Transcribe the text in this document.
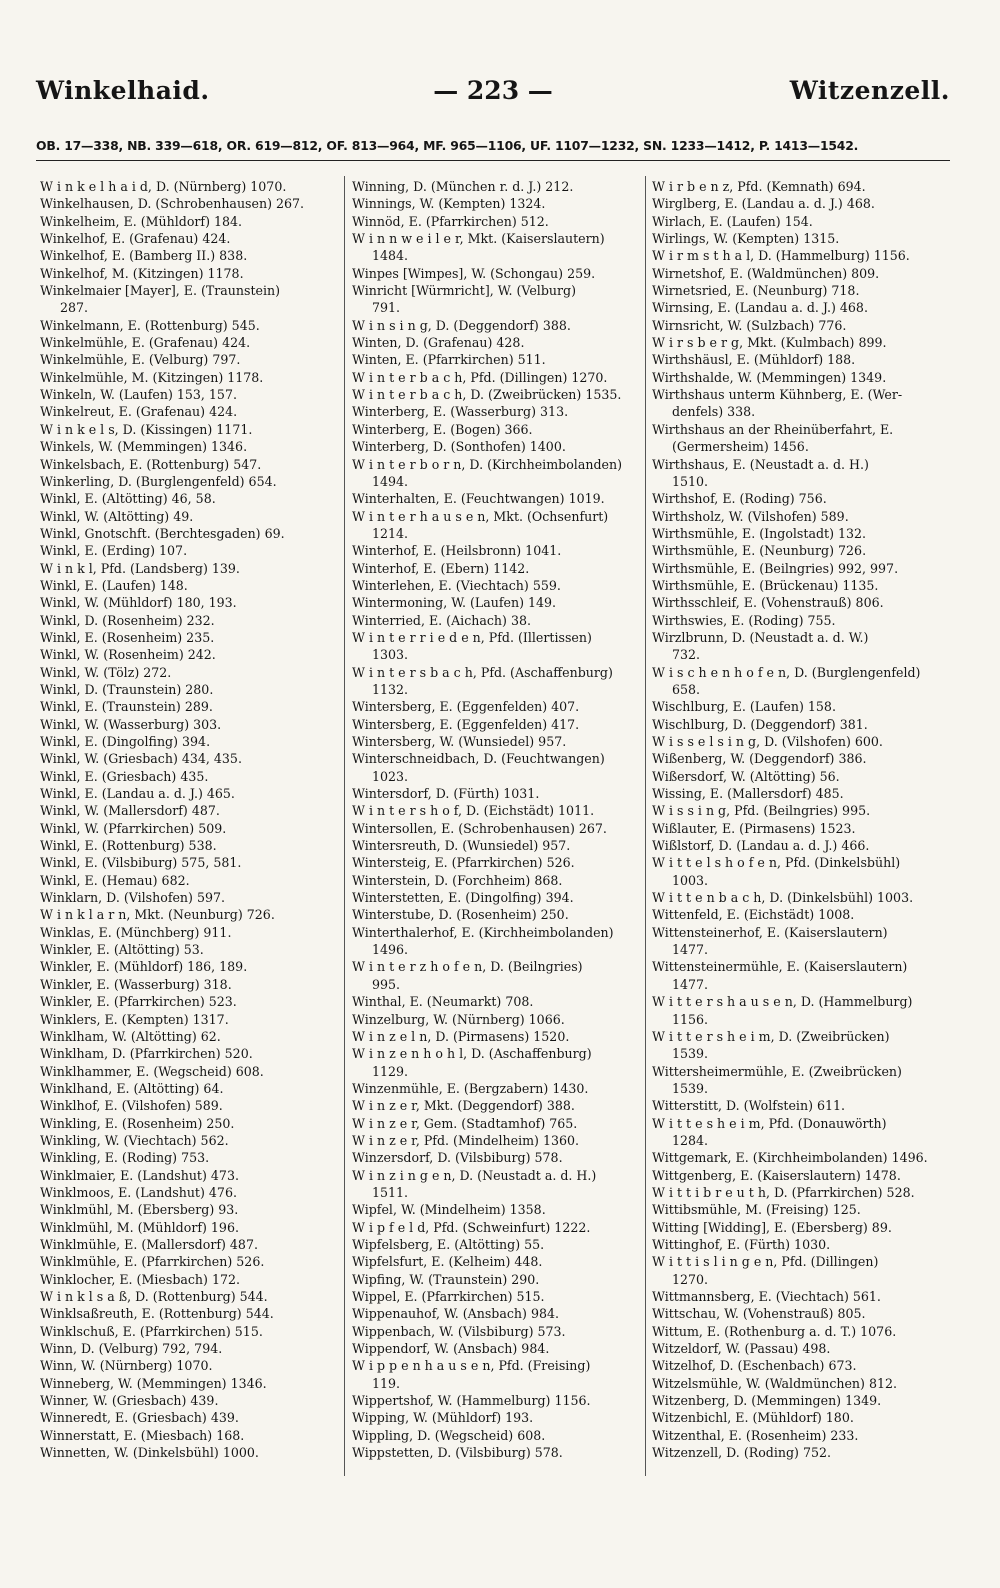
— 223 —
Winkelhaid.	Witzenzell.
OB. 17—338, NB. 339—618, OR. 619—812, OF. 813—964, MF. 965—1106, UF. 1107—1232, SN. 1233—1412, P. 1413—1542.
W i n k e l h a i d, D. (Nürnberg) 1070.
Winkelhausen, D. (Schrobenhausen) 267.
Winkelheim, E. (Mühldorf) 184.
Winkelhof, E. (Grafenau) 424.
Winkelhof, E. (Bamberg II.) 838.
Winkelhof, M. (Kitzingen) 1178.
Winkelmaier [Mayer], E. (Traunstein)
287.
Winkelmann, E. (Rottenburg) 545.
Winkelmühle, E. (Grafenau) 424.
Winkelmühle, E. (Velburg) 797.
Winkelmühle, M. (Kitzingen) 1178.
Winkeln, W. (Laufen) 153, 157.
Winkelreut, E. (Grafenau) 424.
W i n k e l s, D. (Kissingen) 1171.
Winkels, W. (Memmingen) 1346.
Winkelsbach, E. (Rottenburg) 547.
Winkerling, D. (Burglengenfeld) 654.
Winkl, E. (Altötting) 46, 58.
Winkl, W. (Altötting) 49.
Winkl, Gnotschft. (Berchtesgaden) 69.
Winkl, E. (Erding) 107.
W i n k l, Pfd. (Landsberg) 139.
Winkl, E. (Laufen) 148.
Winkl, W. (Mühldorf) 180, 193.
Winkl, D. (Rosenheim) 232.
Winkl, E. (Rosenheim) 235.
Winkl, W. (Rosenheim) 242.
Winkl, W. (Tölz) 272.
Winkl, D. (Traunstein) 280.
Winkl, E. (Traunstein) 289.
Winkl, W. (Wasserburg) 303.
Winkl, E. (Dingolfing) 394.
Winkl, W. (Griesbach) 434, 435.
Winkl, E. (Griesbach) 435.
Winkl, E. (Landau a. d. J.) 465.
Winkl, W. (Mallersdorf) 487.
Winkl, W. (Pfarrkirchen) 509.
Winkl, E. (Rottenburg) 538.
Winkl, E. (Vilsbiburg) 575, 581.
Winkl, E. (Hemau) 682.
Winklarn, D. (Vilshofen) 597.
W i n k l a r n, Mkt. (Neunburg) 726.
Winklas, E. (Münchberg) 911.
Winkler, E. (Altötting) 53.
Winkler, E. (Mühldorf) 186, 189.
Winkler, E. (Wasserburg) 318.
Winkler, E. (Pfarrkirchen) 523.
Winklers, E. (Kempten) 1317.
Winklham, W. (Altötting) 62.
Winklham, D. (Pfarrkirchen) 520.
Winklhammer, E. (Wegscheid) 608.
Winklhand, E. (Altötting) 64.
Winklhof, E. (Vilshofen) 589.
Winkling, E. (Rosenheim) 250.
Winkling, W. (Viechtach) 562.
Winkling, E. (Roding) 753.
Winklmaier, E. (Landshut) 473.
Winklmoos, E. (Landshut) 476.
Winklmühl, M. (Ebersberg) 93.
Winklmühl, M. (Mühldorf) 196.
Winklmühle, E. (Mallersdorf) 487.
Winklmühle, E. (Pfarrkirchen) 526.
Winklocher, E. (Miesbach) 172.
W i n k l s a ß, D. (Rottenburg) 544.
Winklsaßreuth, E. (Rottenburg) 544.
Winklschuß, E. (Pfarrkirchen) 515.
Winn, D. (Velburg) 792, 794.
Winn, W. (Nürnberg) 1070.
Winneberg, W. (Memmingen) 1346.
Winner, W. (Griesbach) 439.
Winneredt, E. (Griesbach) 439.
Winnerstatt, E. (Miesbach) 168.
Winnetten, W. (Dinkelsbühl) 1000.
Winning, D. (München r. d. J.) 212.
Winnings, W. (Kempten) 1324.
Winnöd, E. (Pfarrkirchen) 512.
W i n n w e i l e r, Mkt. (Kaiserslautern)
1484.
Winpes [Wimpes], W. (Schongau) 259.
Winricht [Würmricht], W. (Velburg)
791.
W i n s i n g, D. (Deggendorf) 388.
Winten, D. (Grafenau) 428.
Winten, E. (Pfarrkirchen) 511.
W i n t e r b a c h, Pfd. (Dillingen) 1270.
W i n t e r b a c h, D. (Zweibrücken) 1535.
Winterberg, E. (Wasserburg) 313.
Winterberg, E. (Bogen) 366.
Winterberg, D. (Sonthofen) 1400.
W i n t e r b o r n, D. (Kirchheimbolanden)
1494.
Winterhalten, E. (Feuchtwangen) 1019.
W i n t e r h a u s e n, Mkt. (Ochsenfurt)
1214.
Winterhof, E. (Heilsbronn) 1041.
Winterhof, E. (Ebern) 1142.
Winterlehen, E. (Viechtach) 559.
Wintermoning, W. (Laufen) 149.
Winterried, E. (Aichach) 38.
W i n t e r r i e d e n, Pfd. (Illertissen)
1303.
W i n t e r s b a c h, Pfd. (Aschaffenburg)
1132.
Wintersberg, E. (Eggenfelden) 407.
Wintersberg, E. (Eggenfelden) 417.
Wintersberg, W. (Wunsiedel) 957.
Winterschneidbach, D. (Feuchtwangen)
1023.
Wintersdorf, D. (Fürth) 1031.
W i n t e r s h o f, D. (Eichstädt) 1011.
Wintersollen, E. (Schrobenhausen) 267.
Wintersreuth, D. (Wunsiedel) 957.
Wintersteig, E. (Pfarrkirchen) 526.
Winterstein, D. (Forchheim) 868.
Winterstetten, E. (Dingolfing) 394.
Winterstube, D. (Rosenheim) 250.
Winterthalerhof, E. (Kirchheimbolanden)
1496.
W i n t e r z h o f e n, D. (Beilngries)
995.
Winthal, E. (Neumarkt) 708.
Winzelburg, W. (Nürnberg) 1066.
W i n z e l n, D. (Pirmasens) 1520.
W i n z e n h o h l, D. (Aschaffenburg)
1129.
Winzenmühle, E. (Bergzabern) 1430.
W i n z e r, Mkt. (Deggendorf) 388.
W i n z e r, Gem. (Stadtamhof) 765.
W i n z e r, Pfd. (Mindelheim) 1360.
Winzersdorf, D. (Vilsbiburg) 578.
W i n z i n g e n, D. (Neustadt a. d. H.)
1511.
Wipfel, W. (Mindelheim) 1358.
W i p f e l d, Pfd. (Schweinfurt) 1222.
Wipfelsberg, E. (Altötting) 55.
Wipfelsfurt, E. (Kelheim) 448.
Wipfing, W. (Traunstein) 290.
Wippel, E. (Pfarrkirchen) 515.
Wippenauhof, W. (Ansbach) 984.
Wippenbach, W. (Vilsbiburg) 573.
Wippendorf, W. (Ansbach) 984.
W i p p e n h a u s e n, Pfd. (Freising)
119.
Wippertshof, W. (Hammelburg) 1156.
Wipping, W. (Mühldorf) 193.
Wippling, D. (Wegscheid) 608.
Wippstetten, D. (Vilsbiburg) 578.
W i r b e n z, Pfd. (Kemnath) 694.
Wirglberg, E. (Landau a. d. J.) 468.
Wirlach, E. (Laufen) 154.
Wirlings, W. (Kempten) 1315.
W i r m s t h a l, D. (Hammelburg) 1156.
Wirnetshof, E. (Waldmünchen) 809.
Wirnetsried, E. (Neunburg) 718.
Wirnsing, E. (Landau a. d. J.) 468.
Wirnsricht, W. (Sulzbach) 776.
W i r s b e r g, Mkt. (Kulmbach) 899.
Wirthshäusl, E. (Mühldorf) 188.
Wirthshalde, W. (Memmingen) 1349.
Wirthshaus unterm Kühnberg, E. (Wer-
denfels) 338.
Wirthshaus an der Rheinüberfahrt, E.
(Germersheim) 1456.
Wirthshaus, E. (Neustadt a. d. H.)
1510.
Wirthshof, E. (Roding) 756.
Wirthsholz, W. (Vilshofen) 589.
Wirthsmühle, E. (Ingolstadt) 132.
Wirthsmühle, E. (Neunburg) 726.
Wirthsmühle, E. (Beilngries) 992, 997.
Wirthsmühle, E. (Brückenau) 1135.
Wirthsschleif, E. (Vohenstrauß) 806.
Wirthswies, E. (Roding) 755.
Wirzlbrunn, D. (Neustadt a. d. W.)
732.
W i s c h e n h o f e n, D. (Burglengenfeld)
658.
Wischlburg, E. (Laufen) 158.
Wischlburg, D. (Deggendorf) 381.
W i s s e l s i n g, D. (Vilshofen) 600.
Wißenberg, W. (Deggendorf) 386.
Wißersdorf, W. (Altötting) 56.
Wissing, E. (Mallersdorf) 485.
W i s s i n g, Pfd. (Beilngries) 995.
Wißlauter, E. (Pirmasens) 1523.
Wißlstorf, D. (Landau a. d. J.) 466.
W i t t e l s h o f e n, Pfd. (Dinkelsbühl)
1003.
W i t t e n b a c h, D. (Dinkelsbühl) 1003.
Wittenfeld, E. (Eichstädt) 1008.
Wittensteinerhof, E. (Kaiserslautern)
1477.
Wittensteinermühle, E. (Kaiserslautern)
1477.
W i t t e r s h a u s e n, D. (Hammelburg)
1156.
W i t t e r s h e i m, D. (Zweibrücken)
1539.
Wittersheimermühle, E. (Zweibrücken)
1539.
Witterstitt, D. (Wolfstein) 611.
W i t t e s h e i m, Pfd. (Donauwörth)
1284.
Wittgemark, E. (Kirchheimbolanden) 1496.
Wittgenberg, E. (Kaiserslautern) 1478.
W i t t i b r e u t h, D. (Pfarrkirchen) 528.
Wittibsmühle, M. (Freising) 125.
Witting [Widding], E. (Ebersberg) 89.
Wittinghof, E. (Fürth) 1030.
W i t t i s l i n g e n, Pfd. (Dillingen)
1270.
Wittmannsberg, E. (Viechtach) 561.
Wittschau, W. (Vohenstrauß) 805.
Wittum, E. (Rothenburg a. d. T.) 1076.
Witzeldorf, W. (Passau) 498.
Witzelhof, D. (Eschenbach) 673.
Witzelsmühle, W. (Waldmünchen) 812.
Witzenberg, D. (Memmingen) 1349.
Witzenbichl, E. (Mühldorf) 180.
Witzenthal, E. (Rosenheim) 233.
Witzenzell, D. (Roding) 752.
